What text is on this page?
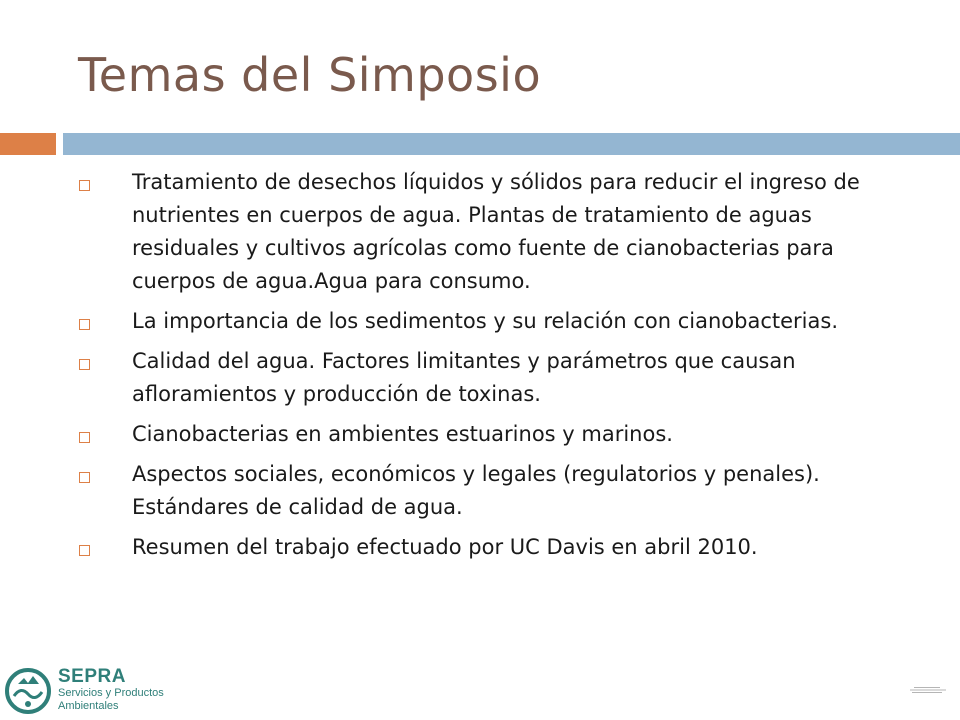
Temas del Simposio
Tratamiento de desechos líquidos y sólidos para reducir el ingreso de nutrientes en cuerpos de agua. Plantas de tratamiento de aguas residuales y cultivos agrícolas como fuente de cianobacterias para cuerpos de agua.Agua para consumo.
La importancia de los sedimentos y su relación con cianobacterias.
Calidad del agua. Factores limitantes y parámetros que causan afloramientos y producción de toxinas.
Cianobacterias en ambientes estuarinos y marinos.
Aspectos sociales, económicos y legales (regulatorios y penales). Estándares de calidad de agua.
Resumen del trabajo efectuado por UC Davis en abril 2010.
SEPRA
Servicios y Productos
Ambientales
